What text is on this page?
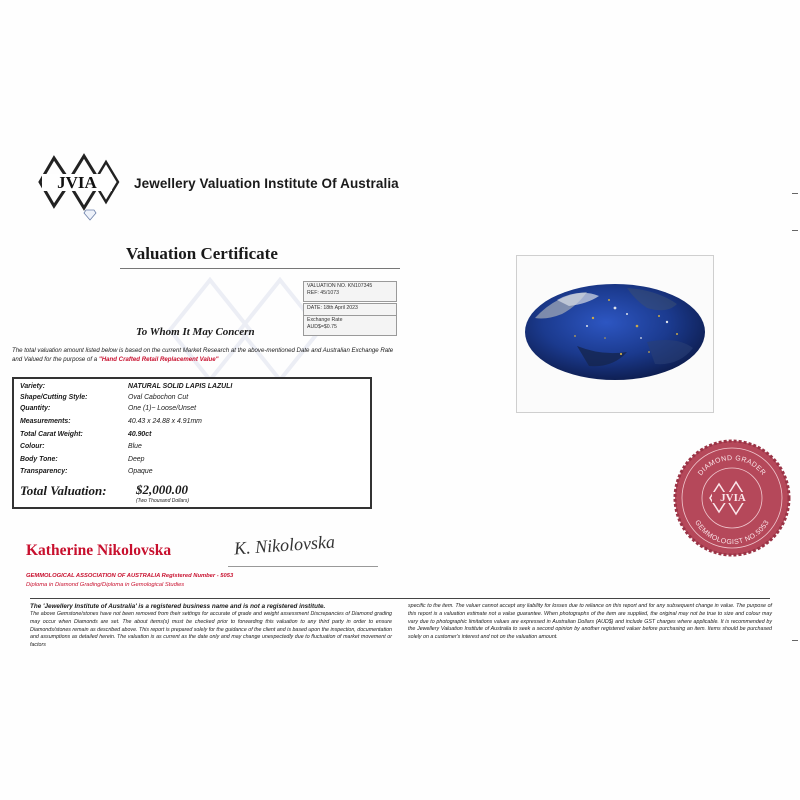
JVIA	Jewellery Valuation Institute Of Australia
Valuation Certificate
VALUATION NO. KN107345
REF: 45/1073
DATE: 18th April 2023
Exchange Rate
AUD$=$0.75
To Whom It May Concern
The total valuation amount listed below is based on the current Market Research at the above-mentioned Date and Australian Exchange Rate and Valued for the purpose of a "Hand Crafted Retail Replacement Value"
Variety:	NATURAL SOLID LAPIS LAZULI
Shape/Cutting Style:	Oval Cabochon Cut
Quantity:	One (1)~ Loose/Unset
Measurements:	40.43 x 24.88 x 4.91mm
Total Carat Weight:	40.90ct
Colour:	Blue
Body Tone:	Deep
Transparency:	Opaque
Total Valuation: $2,000.00
(Two Thousand Dollars)
Katherine Nikolovska	K. Nikolovska
GEMMOLOGICAL ASSOCIATION OF AUSTRALIA Registered Number - 5053
Diploma in Diamond Grading/Diploma in Gemological Studies
DIAMOND GRADER
GEMMOLOGIST NO.5053
JVIA
The 'Jewellery Institute of Australia' is a registered business name and is not a registered institute.
The above Gemstone/stones have not been removed from their settings for accurate of grade and weight assessment Discrepancies of Diamond grading may occur when Diamonds are set. The about items(s) must be checked prior to forwarding this valuation to any third party in order to ensure Diamonds/stones remain as described above. This report is prepared solely for the guidance of the client and is based upon the inspection, documentation and assumptions as detailed herein. The valuation is as current as the date only and may change unexpectedly due to fluctuation of market movement or factors
specific to the item. The valuer cannot accept any liability for losses due to reliance on this report and for any subsequent change in value. The purpose of this report is a valuation estimate not a value guarantee. When photographs of the item are supplied, the original may not be true to size and colour may vary due to photographic limitations values are expressed in Australian Dollars (AUD$) and include GST charges where applicable. It is recommended by the Jewellery Valuation Institute of Australia to seek a second opinion by another registered valuer before purchasing an item. Items should be purchased solely on a customer's interest and not on the valuation amount.
